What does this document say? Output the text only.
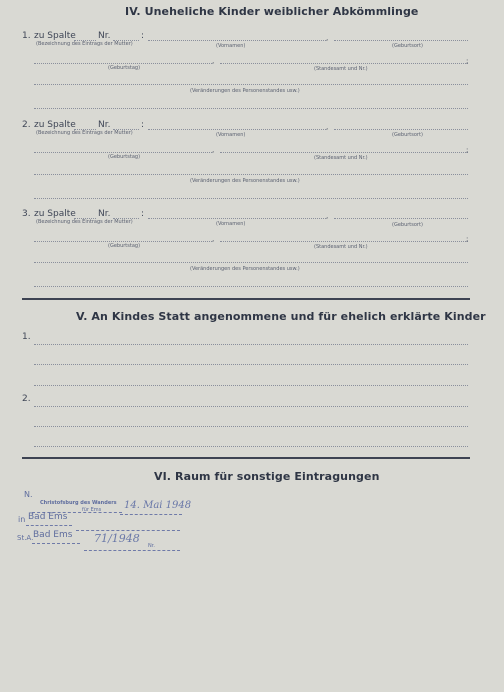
IV. Uneheliche Kinder weiblicher Abkömmlinge
1. zu Spalte Nr.	:	,
(Bezeichnung des Eintrags der Mutter)	(Vornamen)	(Geburtsort)
,	;
(Geburtstag)	(Standesamt und Nr.)
(Veränderungen des Personenstandes usw.)
2. zu Spalte Nr.	:	,
(Bezeichnung des Eintrags der Mutter)	(Vornamen)	(Geburtsort)
,	;
(Geburtstag)	(Standesamt und Nr.)
(Veränderungen des Personenstandes usw.)
3. zu Spalte Nr.	:	,
(Bezeichnung des Eintrags der Mutter)	(Vornamen)	(Geburtsort)
,	;
(Geburtstag)	(Standesamt und Nr.)
(Veränderungen des Personenstandes usw.)
V. An Kindes Statt angenommene und für ehelich erklärte Kinder
1.
2.
VI. Raum für sonstige Eintragungen
N.
Christofsburg des Wanders
für Ems 14. Mai 1948
in Bad Ems
St.A. Bad Ems 71/1948
Nr.
